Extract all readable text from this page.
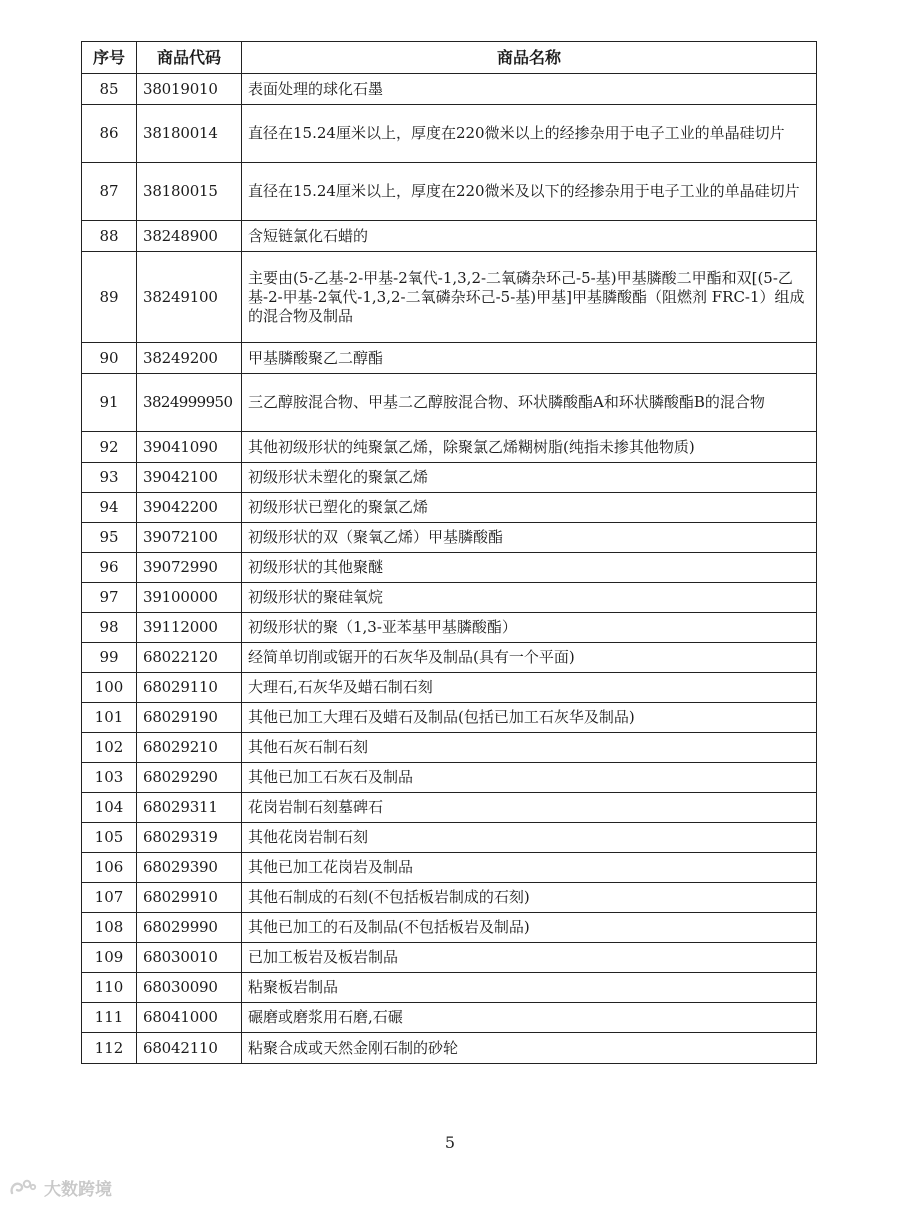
序号	商品代码	商品名称
85	38019010	表面处理的球化石墨
86	38180014	直径在15.24厘米以上，厚度在220微米以上的经掺杂用于电子工业的单晶硅切片
87	38180015	直径在15.24厘米以上，厚度在220微米及以下的经掺杂用于电子工业的单晶硅切片
88	38248900	含短链氯化石蜡的
89	38249100	主要由(5-乙基-2-甲基-2氧代-1,3,2-二氧磷杂环己-5-基)甲基膦酸二甲酯和双[(5-乙基-2-甲基-2氧代-1,3,2-二氧磷杂环己-5-基)甲基]甲基膦酸酯（阻燃剂 FRC-1）组成的混合物及制品
90	38249200	甲基膦酸聚乙二醇酯
91	3824999950	三乙醇胺混合物、甲基二乙醇胺混合物、环状膦酸酯A和环状膦酸酯B的混合物
92	39041090	其他初级形状的纯聚氯乙烯，除聚氯乙烯糊树脂(纯指未掺其他物质)
93	39042100	初级形状未塑化的聚氯乙烯
94	39042200	初级形状已塑化的聚氯乙烯
95	39072100	初级形状的双（聚氧乙烯）甲基膦酸酯
96	39072990	初级形状的其他聚醚
97	39100000	初级形状的聚硅氧烷
98	39112000	初级形状的聚（1,3-亚苯基甲基膦酸酯）
99	68022120	经简单切削或锯开的石灰华及制品(具有一个平面)
100	68029110	大理石,石灰华及蜡石制石刻
101	68029190	其他已加工大理石及蜡石及制品(包括已加工石灰华及制品)
102	68029210	其他石灰石制石刻
103	68029290	其他已加工石灰石及制品
104	68029311	花岗岩制石刻墓碑石
105	68029319	其他花岗岩制石刻
106	68029390	其他已加工花岗岩及制品
107	68029910	其他石制成的石刻(不包括板岩制成的石刻)
108	68029990	其他已加工的石及制品(不包括板岩及制品)
109	68030010	已加工板岩及板岩制品
110	68030090	粘聚板岩制品
111	68041000	碾磨或磨浆用石磨,石碾
112	68042110	粘聚合成或天然金刚石制的砂轮
5
大数跨境
